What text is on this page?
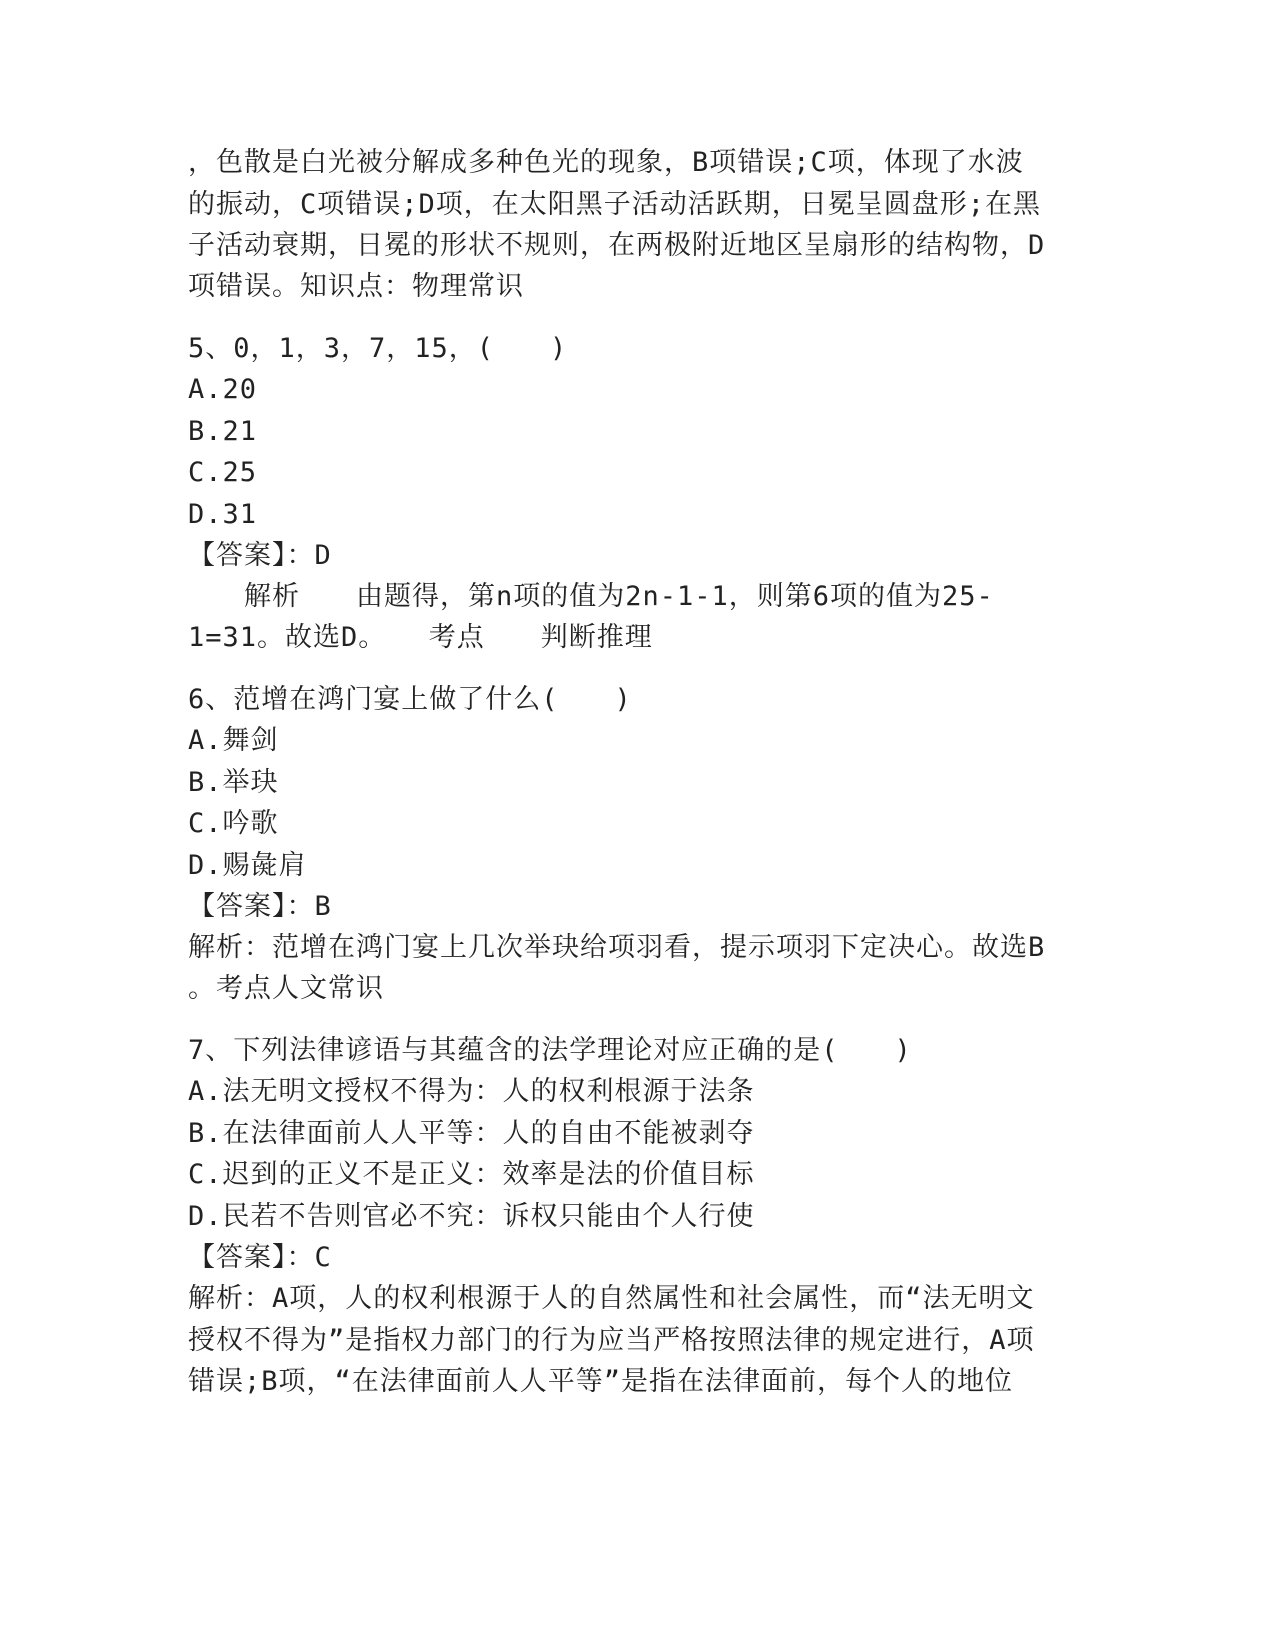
，色散是白光被分解成多种色光的现象，B项错误;C项，体现了水波
的振动，C项错误;D项，在太阳黑子活动活跃期，日冕呈圆盘形;在黑
子活动衰期，日冕的形状不规则，在两极附近地区呈扇形的结构物，D
项错误。知识点：物理常识
5、0，1，3，7，15，(　　)
A.20
B.21
C.25
D.31
【答案】：D
　　解析　　由题得，第n项的值为2n-1-1，则第6项的值为25-
1=31。故选D。　　考点　　判断推理
6、范增在鸿门宴上做了什么(　　)
A.舞剑
B.举玦
C.吟歌
D.赐彘肩
【答案】：B
解析：范增在鸿门宴上几次举玦给项羽看，提示项羽下定决心。故选B
。考点人文常识
7、下列法律谚语与其蕴含的法学理论对应正确的是(　　)
A.法无明文授权不得为：人的权利根源于法条
B.在法律面前人人平等：人的自由不能被剥夺
C.迟到的正义不是正义：效率是法的价值目标
D.民若不告则官必不究：诉权只能由个人行使
【答案】：C
解析：A项，人的权利根源于人的自然属性和社会属性，而“法无明文
授权不得为”是指权力部门的行为应当严格按照法律的规定进行，A项
错误;B项，“在法律面前人人平等”是指在法律面前，每个人的地位
